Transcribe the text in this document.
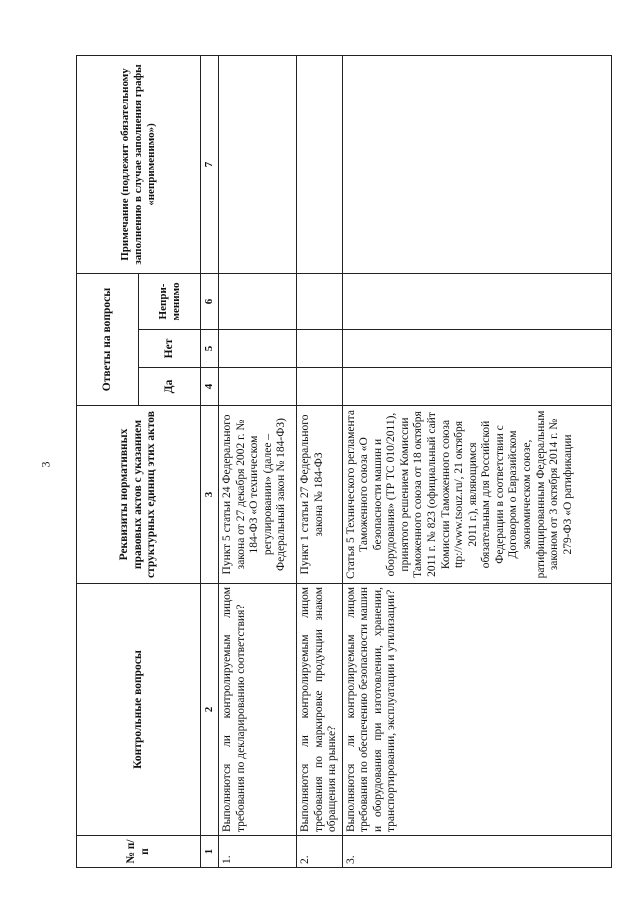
3
№ п/п	Контрольные вопросы	Реквизиты нормативных правовых актов с указанием структурных единиц этих актов	Ответы на вопросы			Примечание (подлежит обязательному заполнению в случае заполнения графы «неприменимо»)
			Да	Нет	Непри-менимо	
1	2	3	4	5	6	7
1.	Выполняются ли контролируемым лицом требования по декларированию соответствия?	Пункт 5 статьи 24 Федерального закона от 27 декабря 2002 г. № 184-ФЗ «О техническом регулировании» (далее – Федеральный закон № 184-ФЗ)				
2.	Выполняются ли контролируемым лицом требования по маркировке продукции знаком обращения на рынке?	Пункт 1 статьи 27 Федерального закона № 184-ФЗ				
3.	Выполняются ли контролируемым лицом требования по обеспечению безопасности машин и оборудования при изготовлении, хранении, транспортировании, эксплуатации и утилизации?	Статья 5 Технического регламента Таможенного союза «О безопасности машин и оборудования» (ТР ТС 010/2011), принятого решением Комиссии Таможенного союза от 18 октября 2011 г. № 823 (официальный сайт Комиссии Таможенного союза ttp://www.tsouz.ru/, 21 октября 2011 г.), являющимся обязательным для Российской Федерации в соответствии с Договором о Евразийском экономическом союзе, ратифицированным Федеральным законом от 3 октября 2014 г. № 279-ФЗ «О ратификации				
